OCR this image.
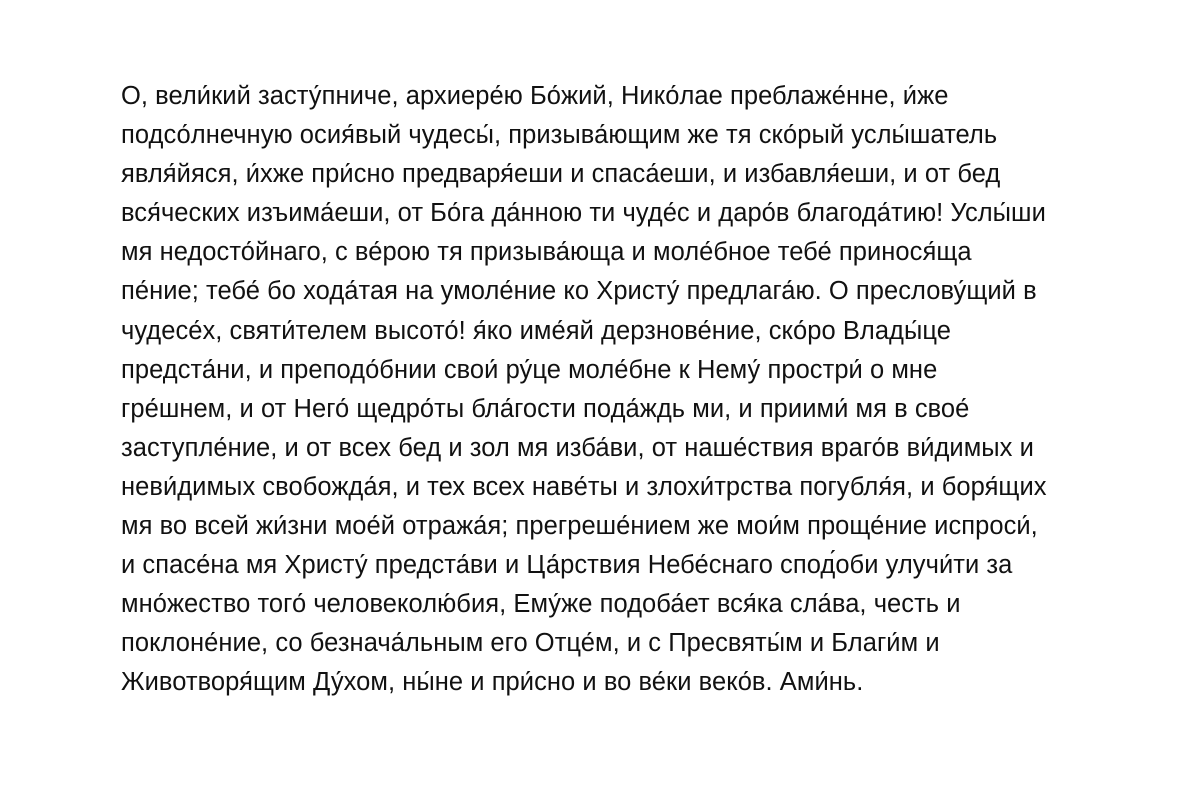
О, вели́кий засту́пниче, архиере́ю Бо́жий, Нико́лае преблаже́нне, и́же
подсо́лнечную осия́вый чудесы́, призыва́ющим же тя ско́рый услы́шатель
явля́йяся, и́хже при́сно предваря́еши и спаса́еши, и избавля́еши, и от бед
вся́ческих изъима́еши, от Бо́га да́нною ти чуде́с и даро́в благода́тию! Услы́ши
мя недосто́йнаго, с ве́рою тя призыва́юща и моле́бное тебе́ принося́ща
пе́ние; тебе́ бо хода́тая на умоле́ние ко Христу́ предлага́ю. О преслову́щий в
чудесе́х, святи́телем высото́! я́ко име́яй дерзнове́ние, ско́ро Влады́це
предста́ни, и преподо́бнии свои́ ру́це моле́бне к Нему́ простри́ о мне
гре́шнем, и от Него́ щедро́ты бла́гости пода́ждь ми, и приими́ мя в свое́
заступле́ние, и от всех бед и зол мя изба́ви, от наше́ствия враго́в ви́димых и
неви́димых свобожда́я, и тех всех наве́ты и злохи́трства погубля́я, и боря́щих
мя во всей жи́зни мое́й отража́я; прегреше́нием же мои́м проще́ние испроси́,
и спасе́на мя Христу́ предста́ви и Ца́рствия Небе́снаго спод́оби улучи́ти за
мно́жество того́ человеколю́бия, Ему́же подоба́ет вся́ка сла́ва, честь и
поклоне́ние, со безнача́льным его Отце́м, и с Пресвяты́м и Благи́м и
Животворя́щим Ду́хом, ны́не и при́сно и во ве́ки веко́в. Ами́нь.
